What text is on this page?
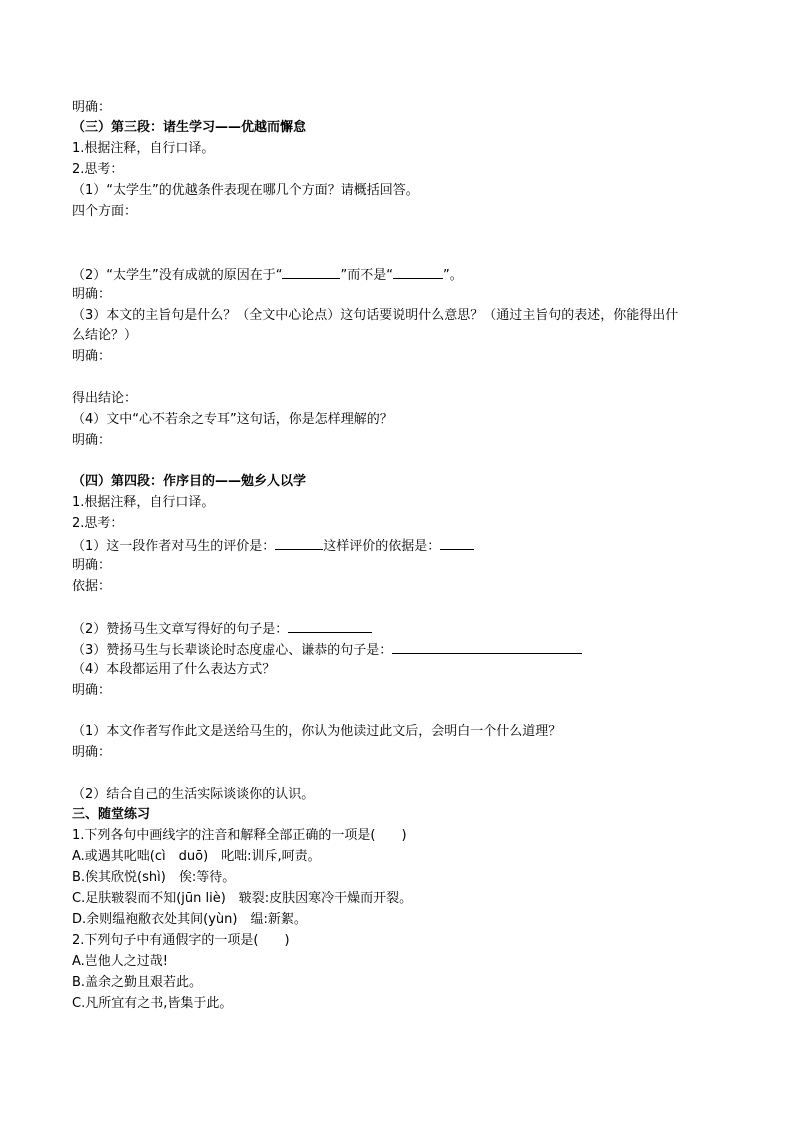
明确：
（三）第三段：诸生学习——优越而懈怠
1.根据注释，自行口译。
2.思考：
（1）“太学生”的优越条件表现在哪几个方面？请概括回答。
四个方面：
（2）“太学生”没有成就的原因在于“	”而不是“	”。
明确：
（3）本文的主旨句是什么？（全文中心论点）这句话要说明什么意思？（通过主旨句的表述，你能得出什
么结论？）
明确：
得出结论：
（4）文中“心不若余之专耳”这句话，你是怎样理解的？
明确：
（四）第四段：作序目的——勉乡人以学
1.根据注释，自行口译。
2.思考：
（1）这一段作者对马生的评价是：	这样评价的依据是：
明确：
依据：
（2）赞扬马生文章写得好的句子是：
（3）赞扬马生与长辈谈论时态度虚心、谦恭的句子是：
（4）本段都运用了什么表达方式？
明确：
（1）本文作者写作此文是送给马生的，你认为他读过此文后，会明白一个什么道理？
明确：
（2）结合自己的生活实际谈谈你的认识。
三、随堂练习
1.下列各句中画线字的注音和解释全部正确的一项是(　　)
A.或遇其叱咄(cì　duō)　叱咄:训斥,呵责。
B.俟其欣悦(shì)　俟:等待。
C.足肤皲裂而不知(jūn liè)　皲裂:皮肤因寒冷干燥而开裂。
D.余则缊袍敝衣处其间(yùn)　缊:新絮。
2.下列句子中有通假字的一项是(　　)
A.岂他人之过哉!
B.盖余之勤且艰若此。
C.凡所宜有之书,皆集于此。
